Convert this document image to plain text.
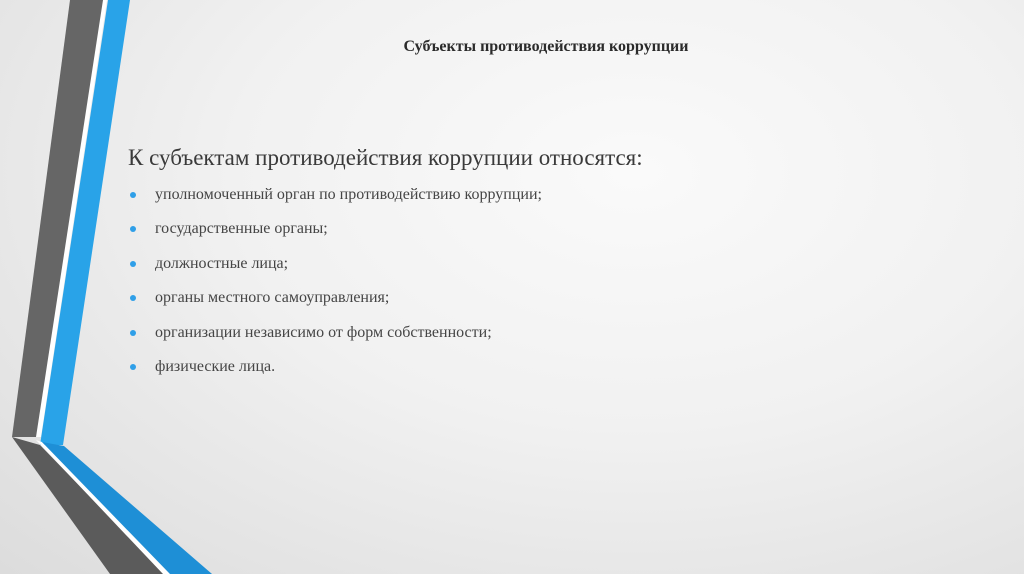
Субъекты противодействия коррупции

К субъектам противодействия коррупции относятся:

уполномоченный орган по противодействию коррупции;
государственные органы;
должностные лица;
органы местного самоуправления;
организации независимо от форм собственности;
физические лица.
